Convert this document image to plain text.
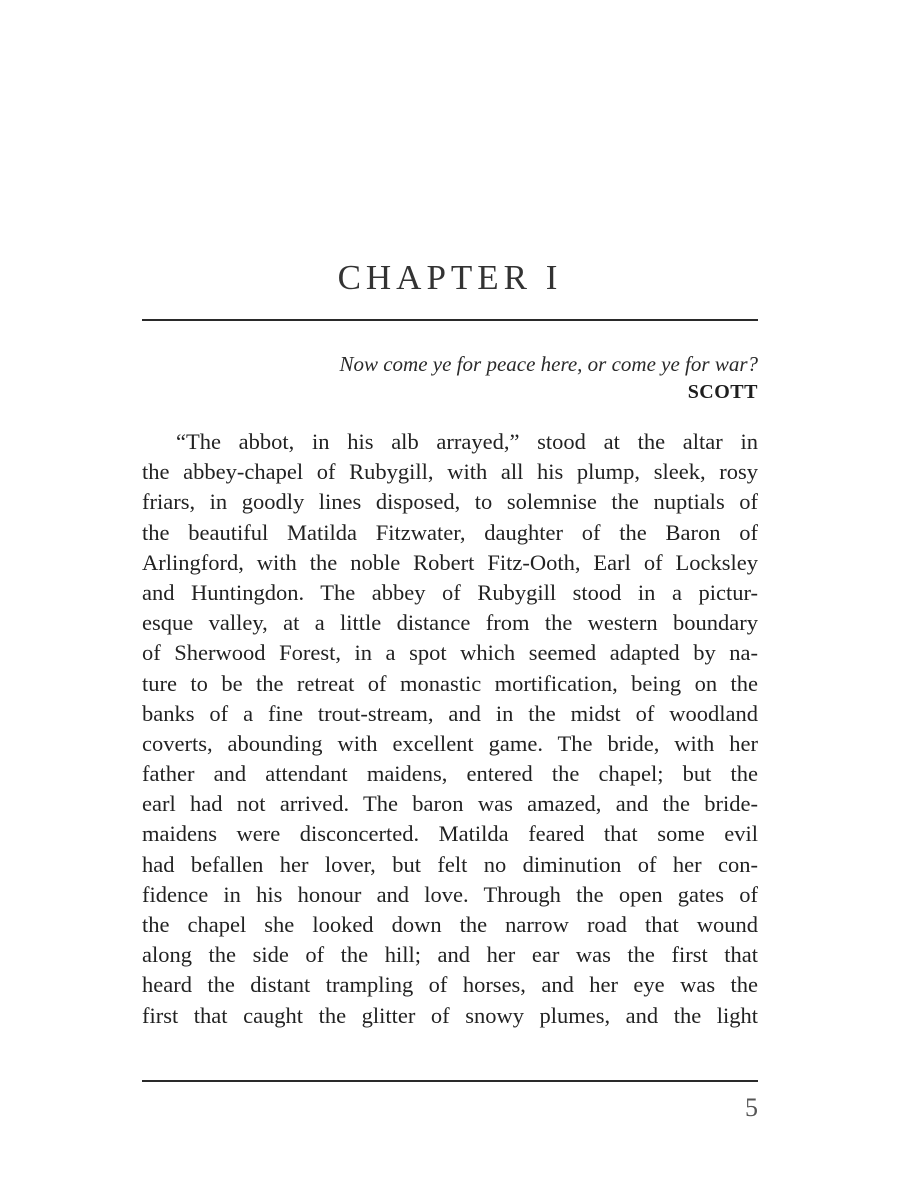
CHAPTER I
Now come ye for peace here, or come ye for war?
SCOTT
“The abbot, in his alb arrayed,” stood at the altar in
the abbey-chapel of Rubygill, with all his plump, sleek, rosy
friars, in goodly lines disposed, to solemnise the nuptials of
the beautiful Matilda Fitzwater, daughter of the Baron of
Arlingford, with the noble Robert Fitz-Ooth, Earl of Locksley
and Huntingdon. The abbey of Rubygill stood in a pictur-
esque valley, at a little distance from the western boundary
of Sherwood Forest, in a spot which seemed adapted by na-
ture to be the retreat of monastic mortification, being on the
banks of a fine trout-stream, and in the midst of woodland
coverts, abounding with excellent game. The bride, with her
father and attendant maidens, entered the chapel; but the
earl had not arrived. The baron was amazed, and the bride-
maidens were disconcerted. Matilda feared that some evil
had befallen her lover, but felt no diminution of her con-
fidence in his honour and love. Through the open gates of
the chapel she looked down the narrow road that wound
along the side of the hill; and her ear was the first that
heard the distant trampling of horses, and her eye was the
first that caught the glitter of snowy plumes, and the light
5
